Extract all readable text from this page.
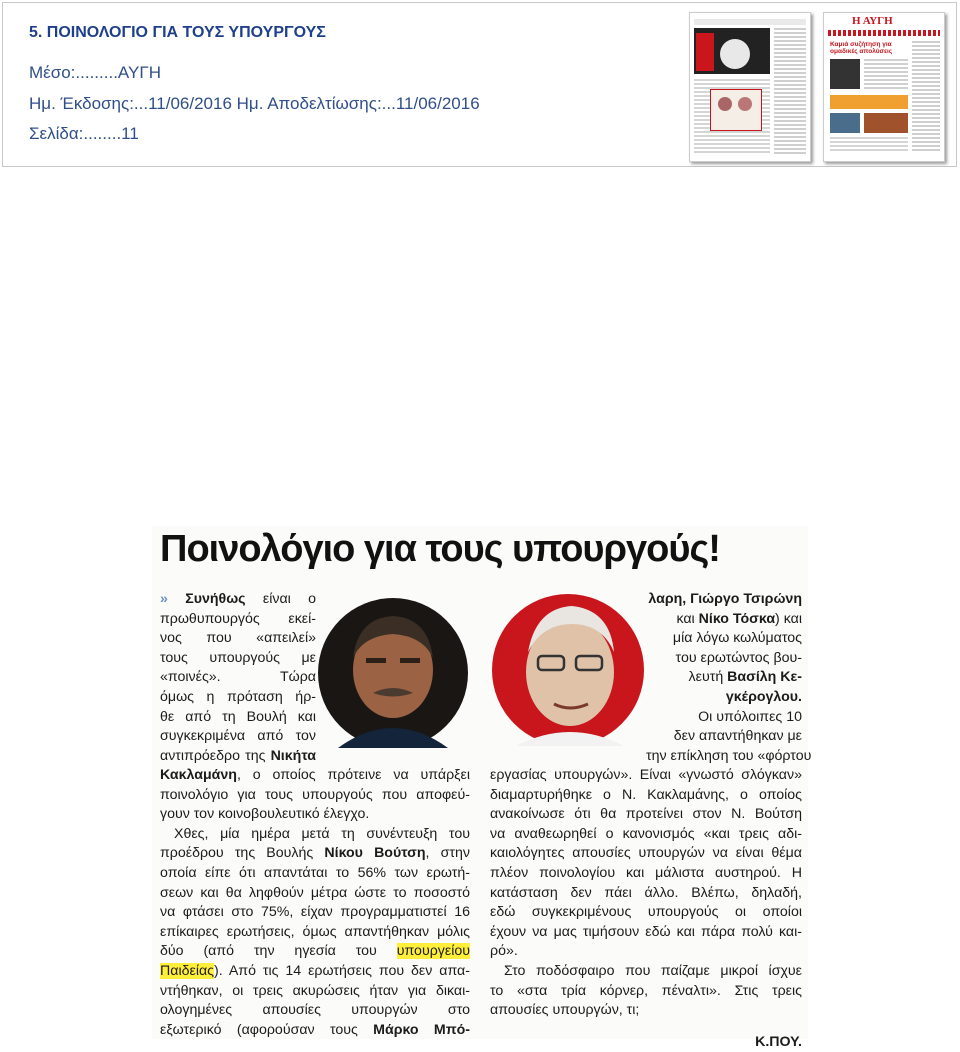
5. ΠΟΙΝΟΛΟΓΙΟ ΓΙΑ ΤΟΥΣ ΥΠΟΥΡΓΟΥΣ
Μέσο:.........ΑΥΓΗ
Ημ. Έκδοσης:...11/06/2016 Ημ. Αποδελτίωσης:...11/06/2016
Σελίδα:........11
Η ΑΥΓΗ
Καμιά συζήτηση για ομαδικές απολύσεις
Ποινολόγιο για τους υπουργούς!
» Συνήθως είναι ο
πρωθυπουργός εκεί-
νος που «απειλεί»
τους υπουργούς με
«ποινές». Τώρα
όμως η πρόταση ήρ-
θε από τη Βουλή και
συγκεκριμένα από τον
αντιπρόεδρο της Νικήτα
Κακλαμάνη, ο οποίος πρότεινε να υπάρξει
ποινολόγιο για τους υπουργούς που αποφεύ-
γουν τον κοινοβουλευτικό έλεγχο.
Χθες, μία ημέρα μετά τη συνέντευξη του
προέδρου της Βουλής Νίκου Βούτση, στην
οποία είπε ότι απαντάται το 56% των ερωτή-
σεων και θα ληφθούν μέτρα ώστε το ποσοστό
να φτάσει στο 75%, είχαν προγραμματιστεί 16
επίκαιρες ερωτήσεις, όμως απαντήθηκαν μόλις
δύο (από την ηγεσία του υπουργείου
Παιδείας). Από τις 14 ερωτήσεις που δεν απα-
ντήθηκαν, οι τρεις ακυρώσεις ήταν για δικαι-
ολογημένες απουσίες υπουργών στο
εξωτερικό (αφορούσαν τους Μάρκο Μπό-
λαρη, Γιώργο Τσιρώνη
και Νίκο Τόσκα) και
μία λόγω κωλύματος
του ερωτώντος βου-
λευτή Βασίλη Κε-
γκέρογλου.
Οι υπόλοιπες 10
δεν απαντήθηκαν με
την επίκληση του «φόρτου
εργασίας υπουργών». Είναι «γνωστό σλόγκαν»
διαμαρτυρήθηκε ο Ν. Κακλαμάνης, ο οποίος
ανακοίνωσε ότι θα προτείνει στον Ν. Βούτση
να αναθεωρηθεί ο κανονισμός «και τρεις αδι-
καιολόγητες απουσίες υπουργών να είναι θέμα
πλέον ποινολογίου και μάλιστα αυστηρού. Η
κατάσταση δεν πάει άλλο. Βλέπω, δηλαδή,
εδώ συγκεκριμένους υπουργούς οι οποίοι
έχουν να μας τιμήσουν εδώ και πάρα πολύ και-
ρό».
Στο ποδόσφαιρο που παίζαμε μικροί ίσχυε
το «στα τρία κόρνερ, πέναλτι». Στις τρεις
απουσίες υπουργών, τι;
Κ.ΠΟΥ.
